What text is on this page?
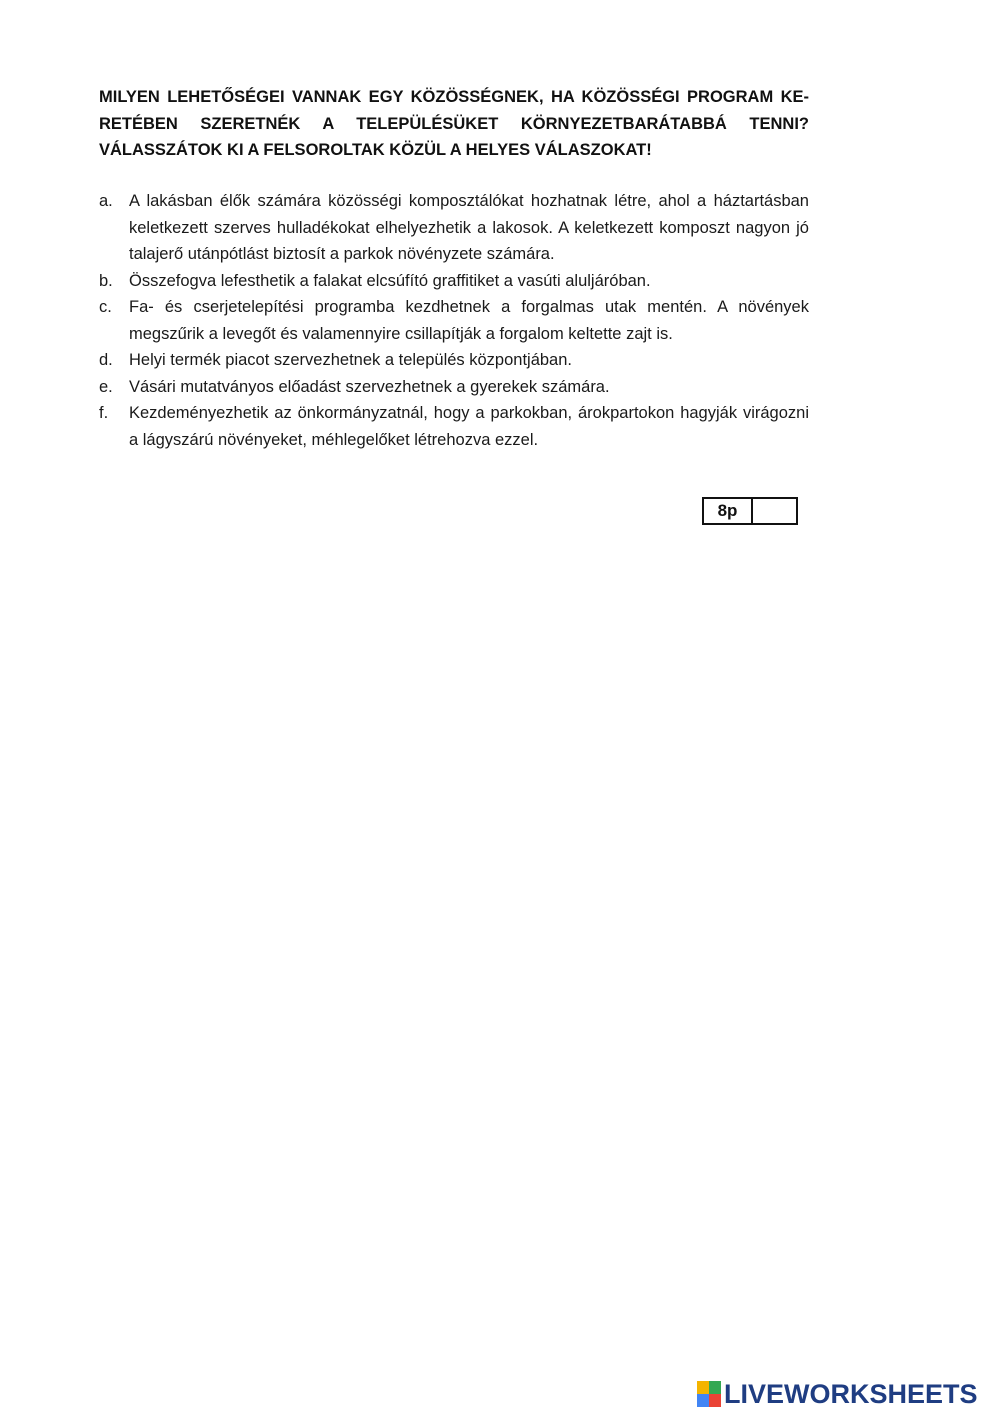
MILYEN LEHETŐSÉGEI VANNAK EGY KÖZÖSSÉGNEK, HA KÖZÖSSÉGI PROGRAM KERETÉBEN SZERETNÉK A TELEPÜLÉSÜKET KÖRNYEZETBARÁTABBÁ TENNI? VÁLASSZÁTOK KI A FELSOROLTAK KÖZÜL A HELYES VÁLASZOKAT!
a. A lakásban élők számára közösségi komposztálókat hozhatnak létre, ahol a háztartásban keletkezett szerves hulladékokat elhelyezhetik a lakosok. A keletkezett komposzt nagyon jó talajerő utánpótlást biztosít a parkok növényzete számára.
b. Összefogva lefesthetik a falakat elcsúfító graffitiket a vasúti aluljáróban.
c.	Fa- és cserjetelepítési programba kezdhetnek a forgalmas utak mentén. A növények megszűrik a levegőt és valamennyire csillapítják a forgalom keltette zajt is.
d. Helyi termék piacot szervezhetnek a település központjában.
e. Vásári mutatványos előadást szervezhetnek a gyerekek számára.
f.	Kezdeményezhetik az önkormányzatnál, hogy a parkokban, árokpartokon hagyják virágozni a lágyszárú növényeket, méhlegelőket létrehozva ezzel.
8p
LIVEWORKSHEETS
